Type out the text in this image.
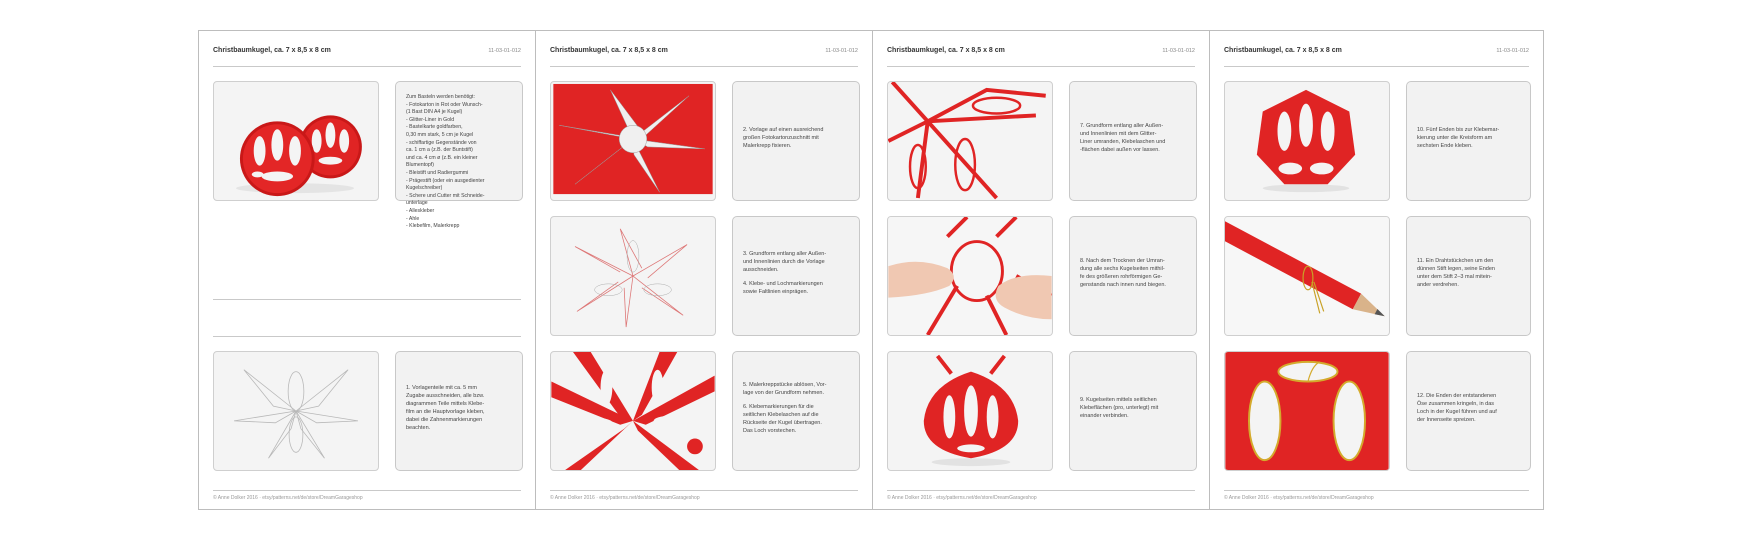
Christbaumkugel, ca. 7 x 8,5 x 8 cm	11-03-01-012

Zum Basteln werden benötigt:
- Fotokarton in Rot oder Wunsch-
(1 Bast DIN A4 je Kugel)
- Glitter-Liner in Gold
- Bastelkarte goldfarben,
0,30 mm stark, 5 cm je Kugel
- schiffartige Gegenstände von
ca. 1 cm a (z.B. der Buntstift)
und ca. 4 cm ø (z.B. ein kleiner
Blumentopf)
- Bleistift und Radiergummi
- Prägestift (oder ein ausgedienter
Kugelschreiber)
- Schere und Cutter mit Schneide-
unterlage
- Alleskleber
- Ahle
- Klebefilm, Malerkrepp

1. Vorlagenteile mit ca. 5 mm
Zugabe ausschneiden, alle bzw.
diagrammen Teile mittels Klebe-
film an die Hauptvorlage kleben,
dabei die Zahnenmarkierungen
beachten.

© Anne Dolker 2016 · etsy/patterns.net/de/store/DreamGarageshop
Christbaumkugel, ca. 7 x 8,5 x 8 cm	11-03-01-012

2. Vorlage auf einen ausreichend
großen Fotokartonzuschnitt mit
Malerkrepp fixieren.

3. Grundform entlang aller Außen-
und Innenlinien durch die Vorlage
ausschneiden.

4. Klebe- und Lochmarkierungen
sowie Faltlinien einprägen.

5. Malerkreppstücke ablösen, Vor-
lage von der Grundform nehmen.

6. Klebemarkierungen für die
seitlichen Klebelaschen auf die
Rückseite der Kugel übertragen.
Das Loch vorstechen.

© Anne Dolker 2016 · etsy/patterns.net/de/store/DreamGarageshop
Christbaumkugel, ca. 7 x 8,5 x 8 cm	11-03-01-012

7. Grundform entlang aller Außen-
und Innenlinien mit dem Glitter-
Liner umranden, Klebelaschen und
-flächen dabei außen vor lassen.

8. Nach dem Trocknen der Umran-
dung alle sechs Kugelseiten mithil-
fe des größeren rohrförmigen Ge-
genstands nach innen rund biegen.

9. Kugelseiten mittels seitlichen
Klebeflächen (pro, unterlegt) mit
einander verbinden.

© Anne Dolker 2016 · etsy/patterns.net/de/store/DreamGarageshop
Christbaumkugel, ca. 7 x 8,5 x 8 cm	11-03-01-012

10. Fünf Enden bis zur Klebemar-
kierung unter die Kreisform am
sechsten Ende kleben.

11. Ein Drahtstückchen um den
dünnen Stift legen, seine Enden
unter dem Stift 2–3 mal mitein-
ander verdrehen.

12. Die Enden der entstandenen
Öse zusammen kringeln, in das
Loch in der Kugel führen und auf
der Innenseite spreizen.

© Anne Dolker 2016 · etsy/patterns.net/de/store/DreamGarageshop
